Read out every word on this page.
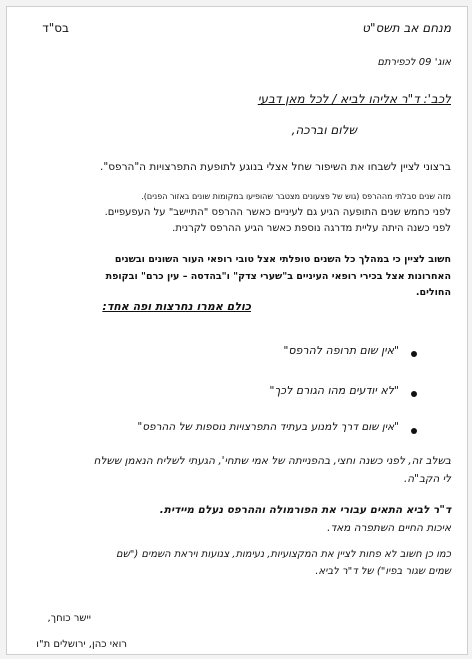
בס"ד	מנחם אב תשס"ט
אוג' 09 לכפירתם
לכב': ד"ר אליהו לביא / לכל מאן דבעי
שלום וברכה,
ברצוני לציין לשבחו את השיפור שחל אצלי בנוגע לתופעת התפרצויות ה"הרפס".
מזה שנים סבלתי מההרפס (גוש של פצעונים מצטבר שהופיעו במקומות שונים באזור הפנים).
לפני כחמש שנים התופעה הגיע גם לעיניים כאשר ההרפס "התיישב" על העפעפיים.
לפני כשנה היתה עליית מדרגה נוספת כאשר הגיע ההרפס לקרנית.
חשוב לציין כי במהלך כל השנים טופלתי אצל טובי רופאי העור השונים ובשנים
האחרונות אצל בכירי רופאי העיניים ב"שערי צדק" ו"בהדסה – עין כרם" ובקופת
החולים.
כולם אמרו נחרצות ופה אחד:
"אין שום תרופה להרפס"
"לא יודעים מהו הגורם לכך"
"אין שום דרך למנוע בעתיד התפרצויות נוספות של ההרפס"
בשלב זה, לפני כשנה וחצי, בהפנייתה של אמי שתחי', הגעתי לשליח הנאמן ששלח
לי הקב"ה.
ד"ר לביא התאים עבורי את הפורמולה וההרפס נעלם מיידית.
איכות החיים השתפרה מאד.
כמו כן חשוב לא פחות לציין את המקצועיות, נעימות, צנועות ויראת השמים ("שם
שמים שגור בפיו") של ד"ר לביא.
יישר כוחך,
רואי כהן, ירושלים ת"ו
